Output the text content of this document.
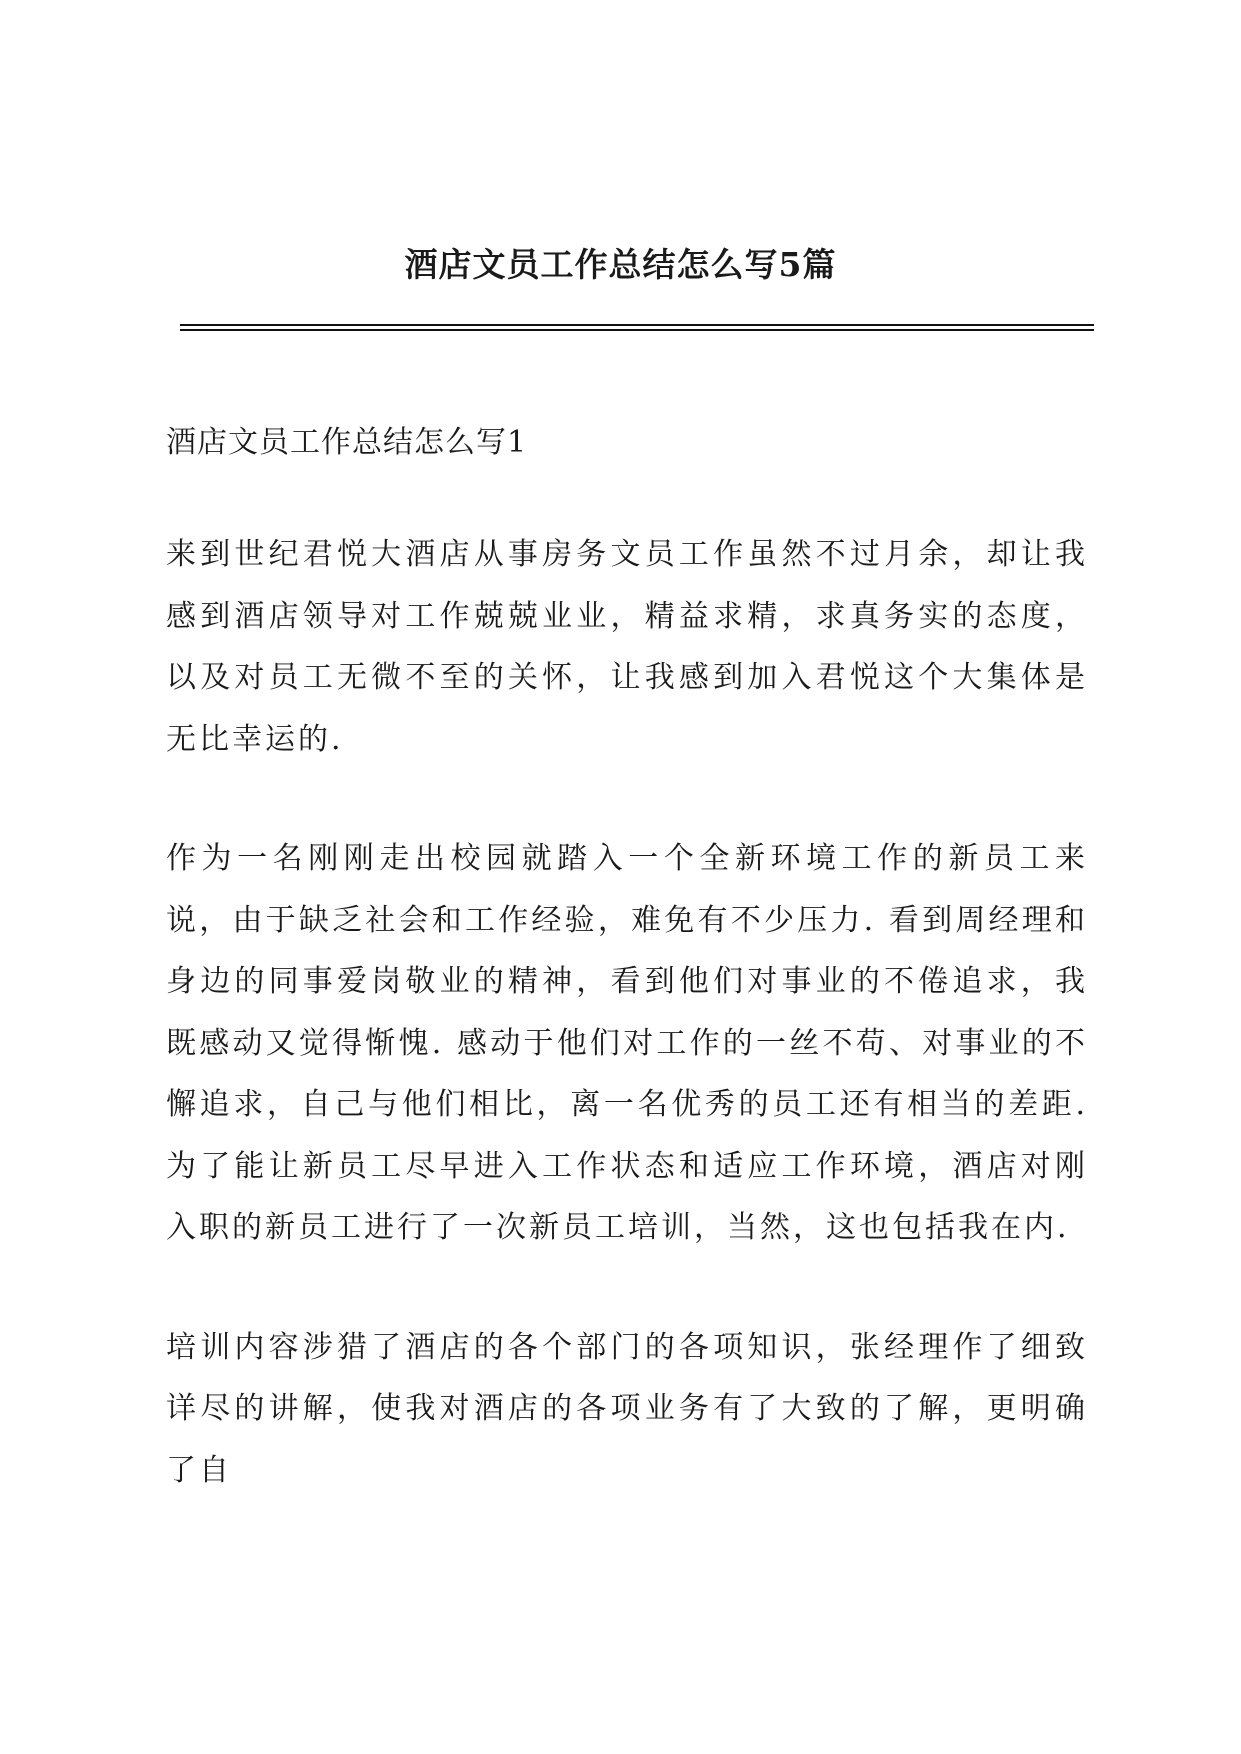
酒店文员工作总结怎么写5篇

酒店文员工作总结怎么写1

来到世纪君悦大酒店从事房务文员工作虽然不过月余，却让我感到酒店领导对工作兢兢业业，精益求精，求真务实的态度，以及对员工无微不至的关怀，让我感到加入君悦这个大集体是无比幸运的.

作为一名刚刚走出校园就踏入一个全新环境工作的新员工来说，由于缺乏社会和工作经验，难免有不少压力. 看到周经理和身边的同事爱岗敬业的精神，看到他们对事业的不倦追求，我既感动又觉得惭愧. 感动于他们对工作的一丝不苟、对事业的不懈追求，自己与他们相比，离一名优秀的员工还有相当的差距. 为了能让新员工尽早进入工作状态和适应工作环境，酒店对刚入职的新员工进行了一次新员工培训，当然，这也包括我在内.

培训内容涉猎了酒店的各个部门的各项知识，张经理作了细致详尽的讲解，使我对酒店的各项业务有了大致的了解，更明确了自
